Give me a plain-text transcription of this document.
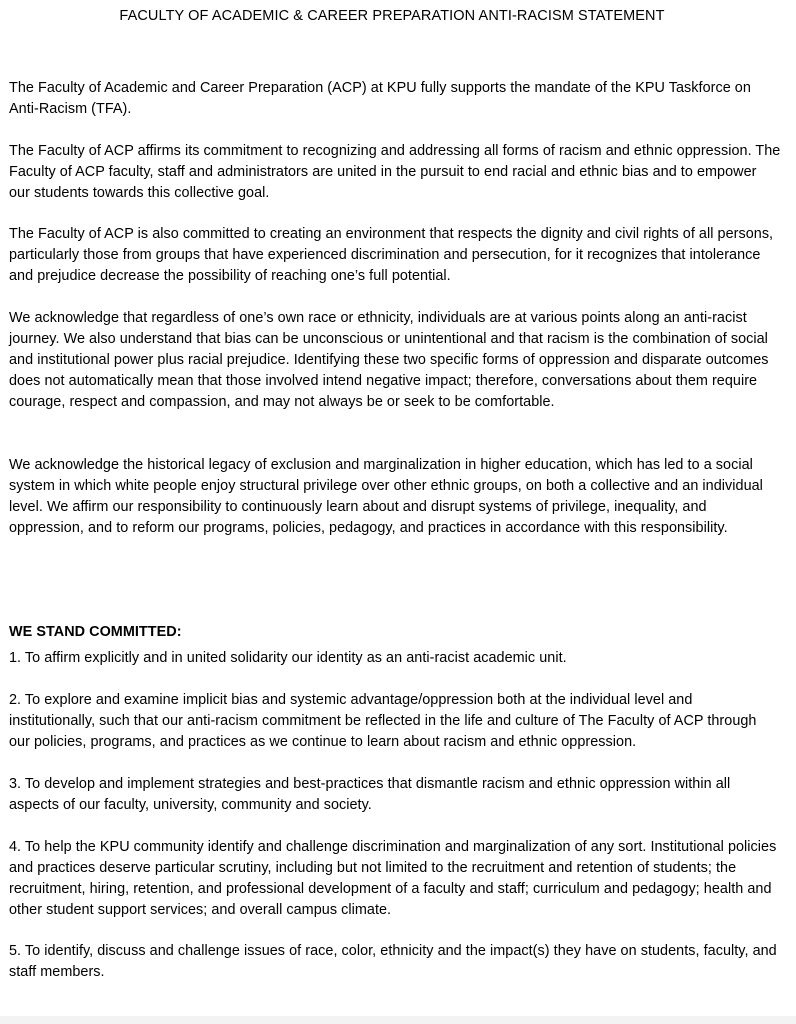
FACULTY OF ACADEMIC & CAREER PREPARATION ANTI-RACISM STATEMENT

The Faculty of Academic and Career Preparation (ACP) at KPU fully supports the mandate of the KPU Taskforce on Anti-Racism (TFA).

The Faculty of ACP affirms its commitment to recognizing and addressing all forms of racism and ethnic oppression. The Faculty of ACP faculty, staff and administrators are united in the pursuit to end racial and ethnic bias and to empower our students towards this collective goal.

The Faculty of ACP is also committed to creating an environment that respects the dignity and civil rights of all persons, particularly those from groups that have experienced discrimination and persecution, for it recognizes that intolerance and prejudice decrease the possibility of reaching one’s full potential.

We acknowledge that regardless of one’s own race or ethnicity, individuals are at various points along an anti-racist journey. We also understand that bias can be unconscious or unintentional and that racism is the combination of social and institutional power plus racial prejudice. Identifying these two specific forms of oppression and disparate outcomes does not automatically mean that those involved intend negative impact; therefore, conversations about them require courage, respect and compassion, and may not always be or seek to be comfortable.

We acknowledge the historical legacy of exclusion and marginalization in higher education, which has led to a social system in which white people enjoy structural privilege over other ethnic groups, on both a collective and an individual level. We affirm our responsibility to continuously learn about and disrupt systems of privilege, inequality, and oppression, and to reform our programs, policies, pedagogy, and practices in accordance with this responsibility.

WE STAND COMMITTED:

1. To affirm explicitly and in united solidarity our identity as an anti-racist academic unit.

2. To explore and examine implicit bias and systemic advantage/oppression both at the individual level and institutionally, such that our anti-racism commitment be reflected in the life and culture of The Faculty of ACP through our policies, programs, and practices as we continue to learn about racism and ethnic oppression.

3. To develop and implement strategies and best-practices that dismantle racism and ethnic oppression within all aspects of our faculty, university, community and society.

4. To help the KPU community identify and challenge discrimination and marginalization of any sort. Institutional policies and practices deserve particular scrutiny, including but not limited to the recruitment and retention of students; the recruitment, hiring, retention, and professional development of a faculty and staff; curriculum and pedagogy; health and other student support services; and overall campus climate.

5. To identify, discuss and challenge issues of race, color, ethnicity and the impact(s) they have on students, faculty, and staff members.
